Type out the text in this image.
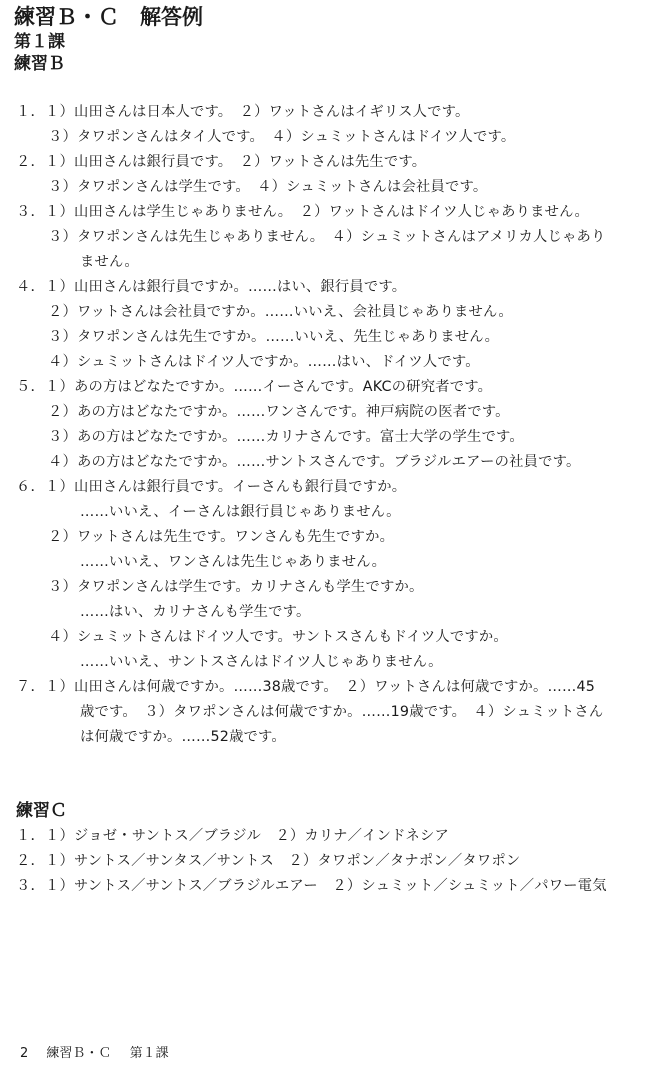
練習Ｂ・Ｃ　解答例
第１課
練習Ｂ

１．１）山田さんは日本人です。　２）ワットさんはイギリス人です。

３）タワポンさんはタイ人です。　４）シュミットさんはドイツ人です。

２．１）山田さんは銀行員です。　２）ワットさんは先生です。

３）タワポンさんは学生です。　４）シュミットさんは会社員です。

３．１）山田さんは学生じゃありません。　２）ワットさんはドイツ人じゃありません。

３）タワポンさんは先生じゃありません。　４）シュミットさんはアメリカ人じゃあり

ません。

４．１）山田さんは銀行員ですか。……はい、銀行員です。

２）ワットさんは会社員ですか。……いいえ、会社員じゃありません。

３）タワポンさんは先生ですか。……いいえ、先生じゃありません。

４）シュミットさんはドイツ人ですか。……はい、ドイツ人です。

５．１）あの方はどなたですか。……イーさんです。AKCの研究者です。

２）あの方はどなたですか。……ワンさんです。神戸病院の医者です。

３）あの方はどなたですか。……カリナさんです。富士大学の学生です。

４）あの方はどなたですか。……サントスさんです。ブラジルエアーの社員です。

６．１）山田さんは銀行員です。イーさんも銀行員ですか。

……いいえ、イーさんは銀行員じゃありません。

２）ワットさんは先生です。ワンさんも先生ですか。

……いいえ、ワンさんは先生じゃありません。

３）タワポンさんは学生です。カリナさんも学生ですか。

……はい、カリナさんも学生です。

４）シュミットさんはドイツ人です。サントスさんもドイツ人ですか。

……いいえ、サントスさんはドイツ人じゃありません。

７．１）山田さんは何歳ですか。……38歳です。　２）ワットさんは何歳ですか。……45

歳です。　３）タワポンさんは何歳ですか。……19歳です。　４）シュミットさん

は何歳ですか。……52歳です。

練習Ｃ

１．１）ジョゼ・サントス／ブラジル　２）カリナ／インドネシア

２．１）サントス／サンタス／サントス　２）タワポン／タナポン／タワポン

３．１）サントス／サントス／ブラジルエアー　２）シュミット／シュミット／パワー電気

2 練習Ｂ・Ｃ 第１課
